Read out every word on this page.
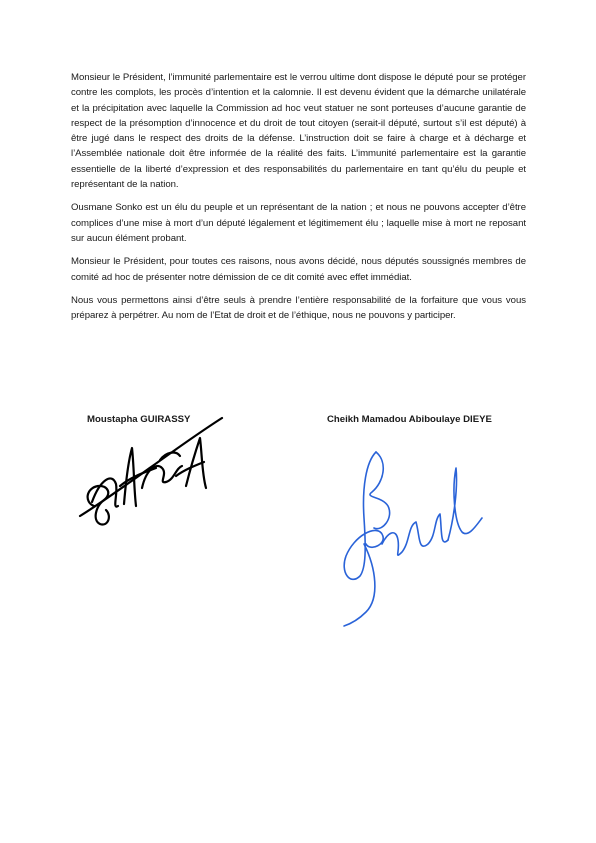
Monsieur le Président, l’immunité parlementaire est le verrou ultime dont dispose le député pour se protéger contre les complots, les procès d’intention et la calomnie. Il est devenu évident que la démarche unilatérale et la précipitation avec laquelle la Commission ad hoc veut statuer ne sont porteuses d’aucune garantie de respect de la présomption d’innocence et du droit de tout citoyen (serait-il député, surtout s’il est député) à être jugé dans le respect des droits de la défense. L’instruction doit se faire à charge et à décharge et l’Assemblée nationale doit être informée de la réalité des faits. L’immunité parlementaire est la garantie essentielle de la liberté d’expression et des responsabilités du parlementaire en tant qu’élu du peuple et représentant de la nation.

Ousmane Sonko est un élu du peuple et un représentant de la nation ; et nous ne pouvons accepter d’être complices d’une mise à mort d’un député légalement et légitimement élu ; laquelle mise à mort ne reposant sur aucun élément probant.

Monsieur le Président, pour toutes ces raisons, nous avons décidé, nous députés soussignés membres de comité ad hoc de présenter notre démission de ce dit comité avec effet immédiat.

Nous vous permettons ainsi d’être seuls à prendre l’entière responsabilité de la forfaiture que vous vous préparez à perpétrer. Au nom de l’Etat de droit et de l’éthique, nous ne pouvons y participer.

Moustapha GUIRASSY	Cheikh Mamadou Abiboulaye DIEYE
